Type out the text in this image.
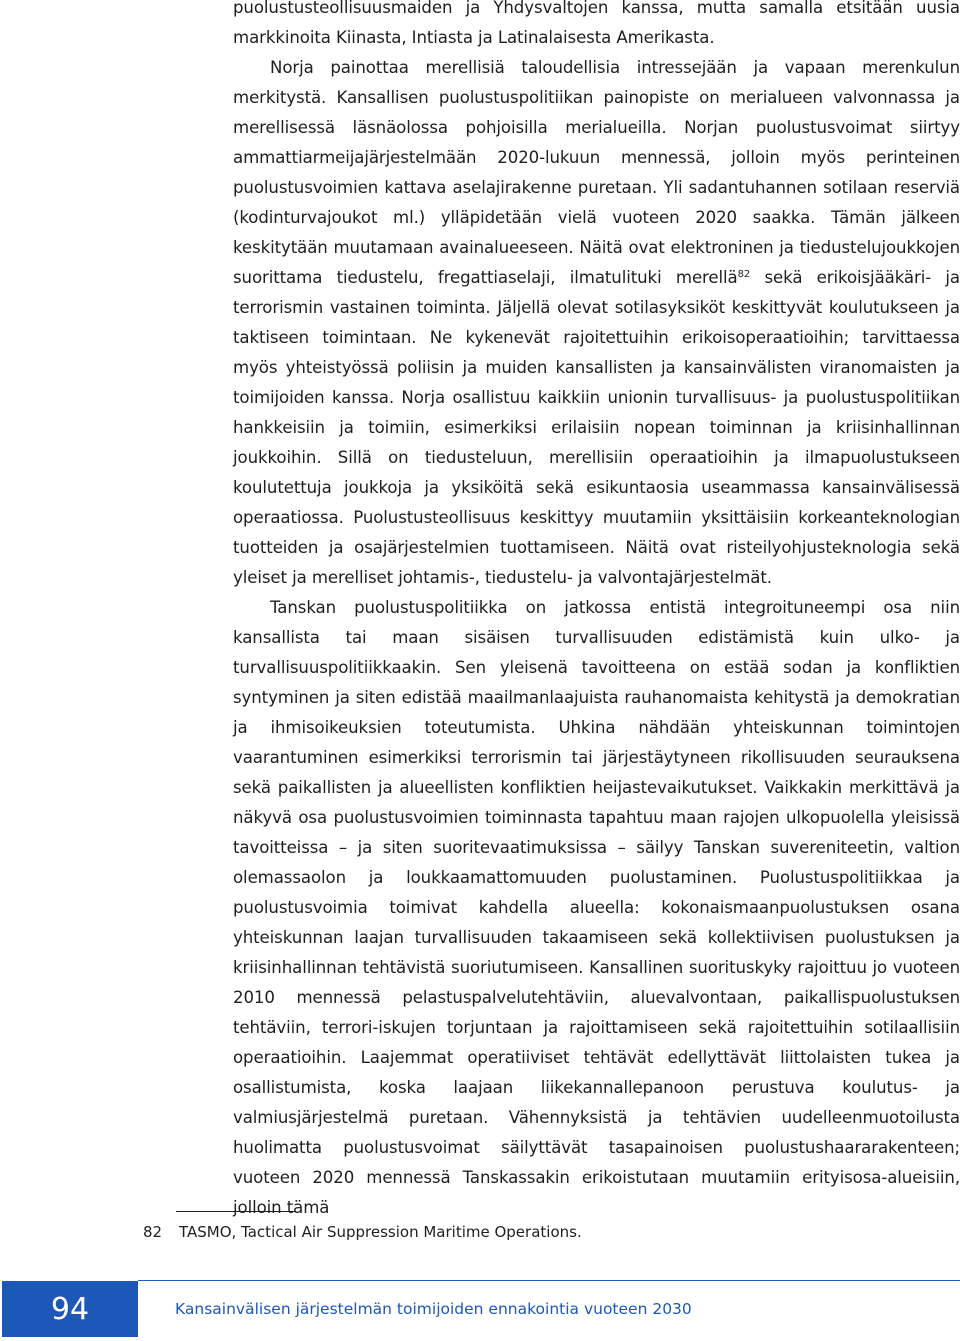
puolustusteollisuusmaiden ja Yhdysvaltojen kanssa, mutta samalla etsitään uusia markkinoita Kiinasta, Intiasta ja Latinalaisesta Amerikasta.

Norja painottaa merellisiä taloudellisia intressejään ja vapaan merenkulun merkitystä. Kansallisen puolustuspolitiikan painopiste on merialueen valvonnassa ja merellisessä läsnäolossa pohjoisilla merialueilla. Norjan puolustusvoimat siirtyy ammattiarmeijajärjestelmään 2020-lukuun mennessä, jolloin myös perinteinen puolustusvoimien kattava aselajirakenne puretaan. Yli sadantuhannen sotilaan reserviä (kodinturvajoukot ml.) ylläpidetään vielä vuoteen 2020 saakka. Tämän jälkeen keskitytään muutamaan avainalueeseen. Näitä ovat elektroninen ja tiedustelujoukkojen suorittama tiedustelu, fregattiaselaji, ilmatulituki merellä$^{82}$ sekä erikoisjääkäri- ja terrorismin vastainen toiminta. Jäljellä olevat sotilasyksiköt keskittyvät koulutukseen ja taktiseen toimintaan. Ne kykenevät rajoitettuihin erikoisoperaatioihin; tarvittaessa myös yhteistyössä poliisin ja muiden kansallisten ja kansainvälisten viranomaisten ja toimijoiden kanssa. Norja osallistuu kaikkiin unionin turvallisuus- ja puolustuspolitiikan hankkeisiin ja toimiin, esimerkiksi erilaisiin nopean toiminnan ja kriisinhallinnan joukkoihin. Sillä on tiedusteluun, merellisiin operaatioihin ja ilmapuolustukseen koulutettuja joukkoja ja yksiköitä sekä esikuntaosia useammassa kansainvälisessä operaatiossa. Puolustusteollisuus keskittyy muutamiin yksittäisiin korkeanteknologian tuotteiden ja osajärjestelmien tuottamiseen. Näitä ovat risteilyohjusteknologia sekä yleiset ja merelliset johtamis-, tiedustelu- ja valvontajärjestelmät.

Tanskan puolustuspolitiikka on jatkossa entistä integroituneempi osa niin kansallista tai maan sisäisen turvallisuuden edistämistä kuin ulko- ja turvallisuuspolitiikkaakin. Sen yleisenä tavoitteena on estää sodan ja konfliktien syntyminen ja siten edistää maailmanlaajuista rauhanomaista kehitystä ja demokratian ja ihmisoikeuksien toteutumista. Uhkina nähdään yhteiskunnan toimintojen vaarantuminen esimerkiksi terrorismin tai järjestäytyneen rikollisuuden seurauksena sekä paikallisten ja alueellisten konfliktien heijastevaikutukset. Vaikkakin merkittävä ja näkyvä osa puolustusvoimien toiminnasta tapahtuu maan rajojen ulkopuolella yleisissä tavoitteissa – ja siten suoritevaatimuksissa – säilyy Tanskan suvereniteetin, valtion olemassaolon ja loukkaamattomuuden puolustaminen. Puolustuspolitiikkaa ja puolustusvoimia toimivat kahdella alueella: kokonaismaanpuolustuksen osana yhteiskunnan laajan turvallisuuden takaamiseen sekä kollektiivisen puolustuksen ja kriisinhallinnan tehtävistä suoriutumiseen. Kansallinen suorituskyky rajoittuu jo vuoteen 2010 mennessä pelastuspalvelutehtäviin, aluevalvontaan, paikallispuolustuksen tehtäviin, terrori-iskujen torjuntaan ja rajoittamiseen sekä rajoitettuihin sotilaallisiin operaatioihin. Laajemmat operatiiviset tehtävät edellyttävät liittolaisten tukea ja osallistumista, koska laajaan liikekannallepanoon perustuva koulutus- ja valmiusjärjestelmä puretaan. Vähennyksistä ja tehtävien uudelleenmuotoilusta huolimatta puolustusvoimat säilyttävät tasapainoisen puolustushaararakenteen; vuoteen 2020 mennessä Tanskassakin erikoistutaan muutamiin erityisosa-alueisiin, jolloin tämä

82 TASMO, Tactical Air Suppression Maritime Operations.
94	Kansainvälisen järjestelmän toimijoiden ennakointia vuoteen 2030
